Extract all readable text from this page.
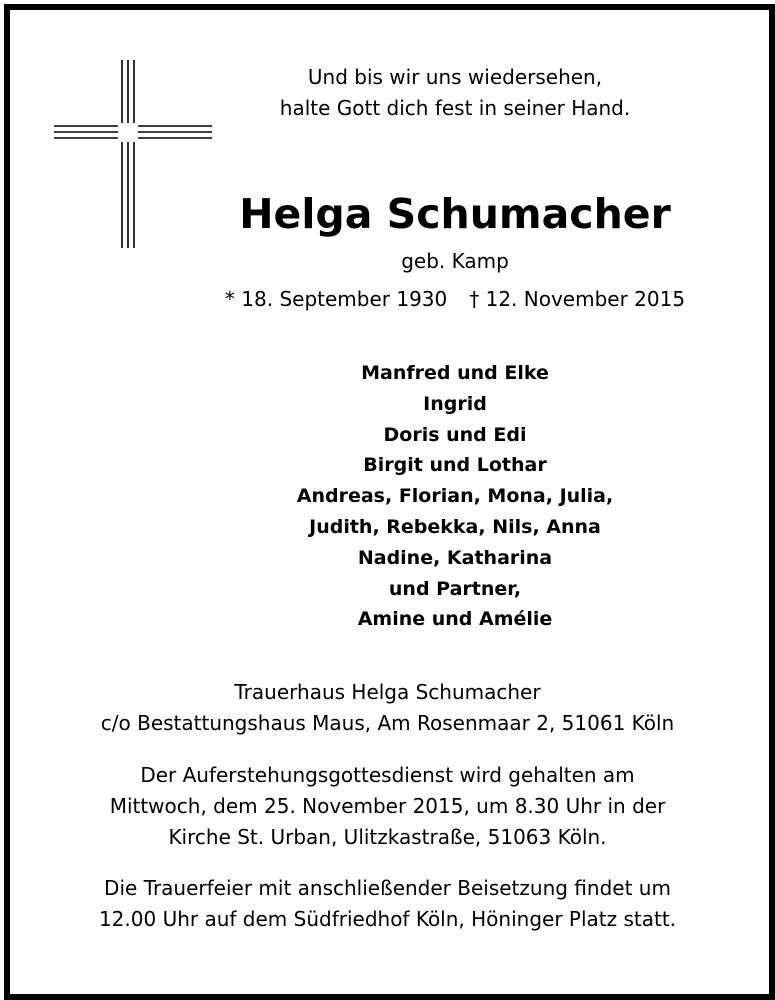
Und bis wir uns wiedersehen,
halte Gott dich fest in seiner Hand.
Helga Schumacher
geb. Kamp
* 18. September 1930 † 12. November 2015
Manfred und Elke
Ingrid
Doris und Edi
Birgit und Lothar
Andreas, Florian, Mona, Julia,
Judith, Rebekka, Nils, Anna
Nadine, Katharina
und Partner,
Amine und Amélie
Trauerhaus Helga Schumacher
c/o Bestattungshaus Maus, Am Rosenmaar 2, 51061 Köln
Der Auferstehungsgottesdienst wird gehalten am
Mittwoch, dem 25. November 2015, um 8.30 Uhr in der
Kirche St. Urban, Ulitzkastraße, 51063 Köln.
Die Trauerfeier mit anschließender Beisetzung findet um
12.00 Uhr auf dem Südfriedhof Köln, Höninger Platz statt.
